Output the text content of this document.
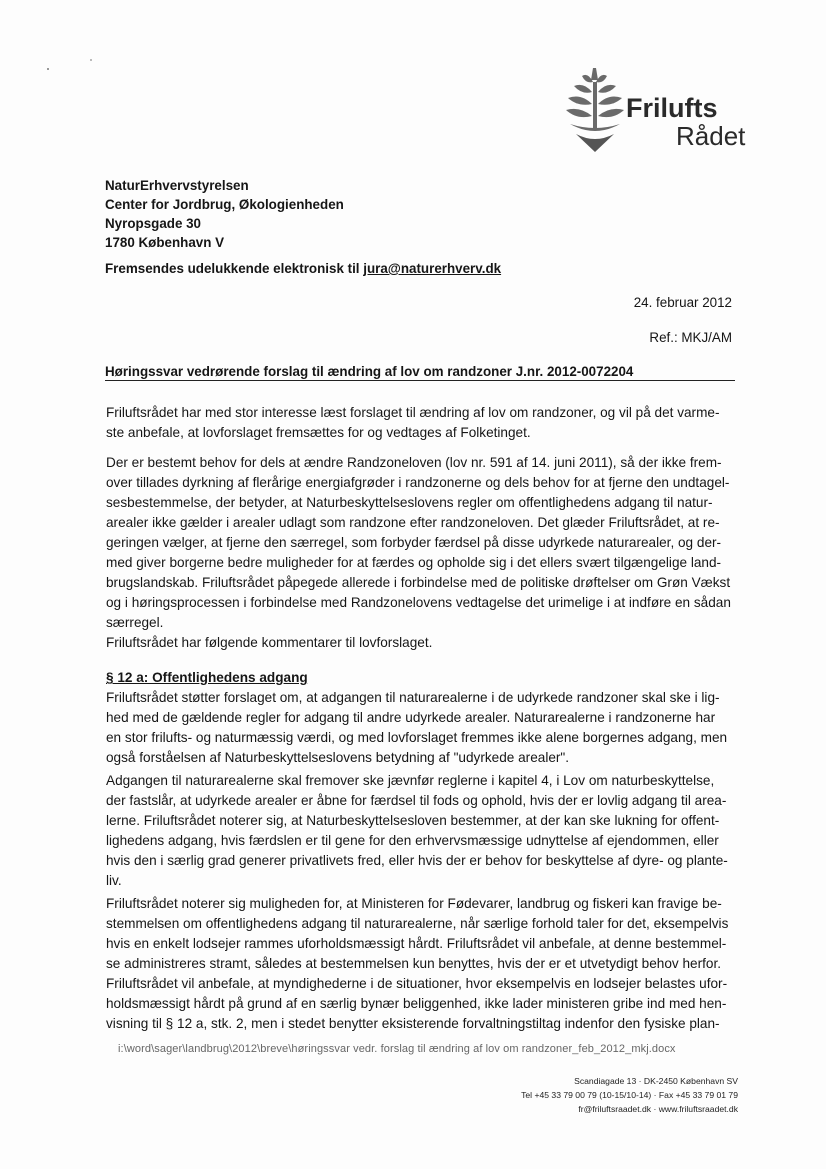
Frilufts
Rådet
NaturErhvervstyrelsen
Center for Jordbrug, Økologienheden
Nyropsgade 30
1780 København V
Fremsendes udelukkende elektronisk til jura@naturerhverv.dk
24. februar 2012
Ref.: MKJ/AM
Høringssvar vedrørende forslag til ændring af lov om randzoner J.nr. 2012-0072204
Friluftsrådet har med stor interesse læst forslaget til ændring af lov om randzoner, og vil på det varme-
ste anbefale, at lovforslaget fremsættes for og vedtages af Folketinget.
Der er bestemt behov for dels at ændre Randzoneloven (lov nr. 591 af 14. juni 2011), så der ikke frem-
over tillades dyrkning af flerårige energiafgrøder i randzonerne og dels behov for at fjerne den undtagel-
sesbestemmelse, der betyder, at Naturbeskyttelseslovens regler om offentlighedens adgang til natur-
arealer ikke gælder i arealer udlagt som randzone efter randzoneloven. Det glæder Friluftsrådet, at re-
geringen vælger, at fjerne den særregel, som forbyder færdsel på disse udyrkede naturarealer, og der-
med giver borgerne bedre muligheder for at færdes og opholde sig i det ellers svært tilgængelige land-
brugslandskab. Friluftsrådet påpegede allerede i forbindelse med de politiske drøftelser om Grøn Vækst
og i høringsprocessen i forbindelse med Randzonelovens vedtagelse det urimelige i at indføre en sådan
særregel.
Friluftsrådet har følgende kommentarer til lovforslaget.
§ 12 a: Offentlighedens adgang
Friluftsrådet støtter forslaget om, at adgangen til naturarealerne i de udyrkede randzoner skal ske i lig-
hed med de gældende regler for adgang til andre udyrkede arealer. Naturarealerne i randzonerne har
en stor frilufts- og naturmæssig værdi, og med lovforslaget fremmes ikke alene borgernes adgang, men
også forståelsen af Naturbeskyttelseslovens betydning af "udyrkede arealer".
Adgangen til naturarealerne skal fremover ske jævnfør reglerne i kapitel 4, i Lov om naturbeskyttelse,
der fastslår, at udyrkede arealer er åbne for færdsel til fods og ophold, hvis der er lovlig adgang til area-
lerne. Friluftsrådet noterer sig, at Naturbeskyttelsesloven bestemmer, at der kan ske lukning for offent-
lighedens adgang, hvis færdslen er til gene for den erhvervsmæssige udnyttelse af ejendommen, eller
hvis den i særlig grad generer privatlivets fred, eller hvis der er behov for beskyttelse af dyre- og plante-
liv.
Friluftsrådet noterer sig muligheden for, at Ministeren for Fødevarer, landbrug og fiskeri kan fravige be-
stemmelsen om offentlighedens adgang til naturarealerne, når særlige forhold taler for det, eksempelvis
hvis en enkelt lodsejer rammes uforholdsmæssigt hårdt. Friluftsrådet vil anbefale, at denne bestemmel-
se administreres stramt, således at bestemmelsen kun benyttes, hvis der er et utvetydigt behov herfor.
Friluftsrådet vil anbefale, at myndighederne i de situationer, hvor eksempelvis en lodsejer belastes ufor-
holdsmæssigt hårdt på grund af en særlig bynær beliggenhed, ikke lader ministeren gribe ind med hen-
visning til § 12 a, stk. 2, men i stedet benytter eksisterende forvaltningstiltag indenfor den fysiske plan-
i:\word\sager\landbrug\2012\breve\høringssvar vedr. forslag til ændring af lov om randzoner_feb_2012_mkj.docx
Scandiagade 13 · DK-2450 København SV
Tel +45 33 79 00 79 (10-15/10-14) · Fax +45 33 79 01 79
fr@friluftsraadet.dk · www.friluftsraadet.dk
